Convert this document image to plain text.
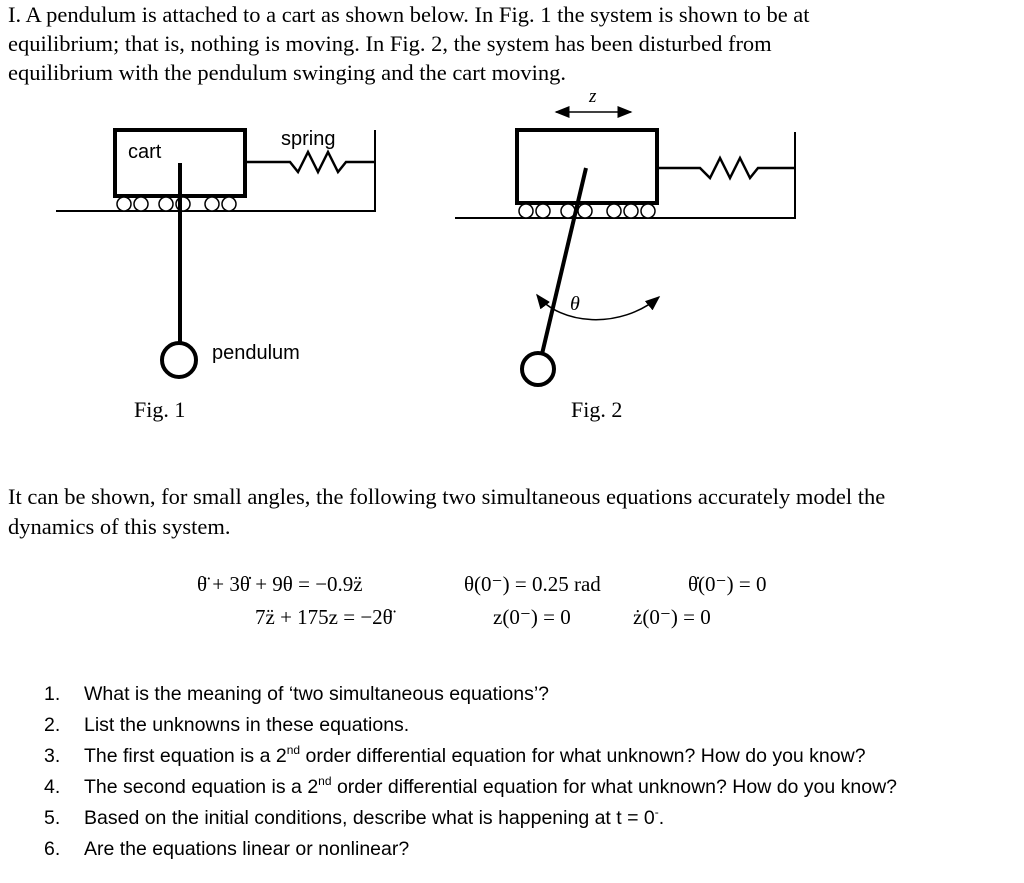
I. A pendulum is attached to a cart as shown below. In Fig. 1 the system is shown to be at

equilibrium; that is, nothing is moving. In Fig. 2, the system has been disturbed from

equilibrium with the pendulum swinging and the cart moving.

cart
spring
pendulum
Fig. 1	Fig. 2
z
θ

It can be shown, for small angles, the following two simultaneous equations accurately model the

dynamics of this system.

θ̈ + 3θ̇ + 9θ = −0.9z̈	θ(0⁻) = 0.25 rad	θ̇(0⁻) = 0
7z̈ + 175z = −2θ̈	z(0⁻) = 0	ż(0⁻) = 0
1. What is the meaning of ‘two simultaneous equations’?
2. List the unknowns in these equations.
3. The first equation is a 2nd order differential equation for what unknown? How do you know?
4. The second equation is a 2nd order differential equation for what unknown? How do you know?
5. Based on the initial conditions, describe what is happening at t = 0-.
6. Are the equations linear or nonlinear?
